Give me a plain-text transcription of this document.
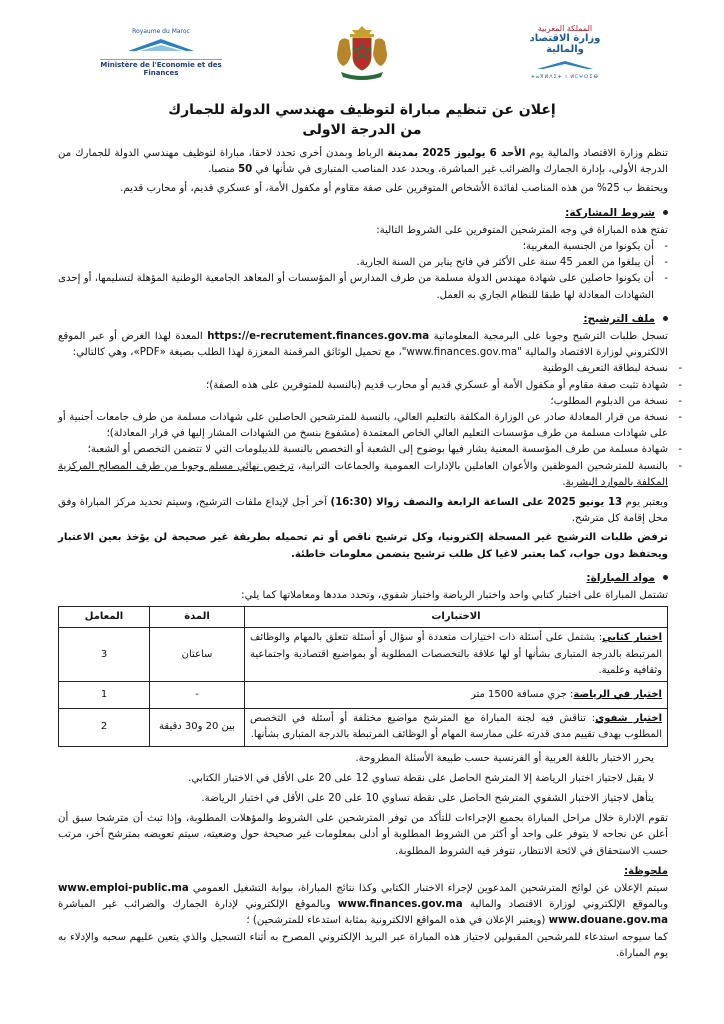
Royaume du Maroc
Ministère de l'Economie et des Finances
المملكة المغربية
وزارة الاقتصاد والمالية
ⵜⴰⴳⵍⴷⵉⵜ ⵏ ⵍⵎⵖⵔⵉⴱ
إعلان عن تنظيم مباراة لتوظيف مهندسي الدولة للجمارك
من الدرجة الاولى

تنظم وزارة الاقتصاد والمالية يوم الأحد 6 يوليوز 2025 بمدينة الرباط وبمدن أخرى تحدد لاحقا، مباراة لتوظيف مهندسي الدولة للجمارك من الدرجة الأولى، بإدارة الجمارك والضرائب غير المباشرة، ويحدد عدد المناصب المتبارى في شأنها في 50 منصبا.

ويحتفظ ب 25% من هذه المناصب لفائدة الأشخاص المتوفرين على صفة مقاوم أو مكفول الأمة، أو عسكري قديم، أو محارب قديم.

شروط المشاركة:

تفتح هذه المباراة في وجه المترشحين المتوفرين على الشروط التالية:

- أن يكونوا من الجنسية المغربية؛
- أن يبلغوا من العمر 45 سنة على الأكثر في فاتح يناير من السنة الجارية.
- أن يكونوا حاصلين على شهادة مهندس الدولة مسلمة من طرف المدارس أو المؤسسات أو المعاهد الجامعية الوطنية المؤهلة لتسليمها، أو إحدى الشهادات المعادلة لها طبقا للنظام الجاري به العمل.
ملف الترشيح:

تسجل طلبات الترشيح وجوبا على البرمجية المعلوماتية https://e-recrutement.finances.gov.ma المعدة لهذا الغرض أو عبر الموقع الالكتروني لوزارة الاقتصاد والمالية "www.finances.gov.ma"، مع تحميل الوثائق المرقمنة المعززة لهذا الطلب بصيغة «PDF»، وهي كالتالي:

- نسخة لبطاقة التعريف الوطنية
- شهادة تثبت صفة مقاوم أو مكفول الأمة أو عسكري قديم أو محارب قديم (بالنسبة للمتوفرين على هذه الصفة)؛
- نسخة من الدبلوم المطلوب؛
- نسخة من قرار المعادلة صادر عن الوزارة المكلفة بالتعليم العالي، بالنسبة للمترشحين الحاصلين على شهادات مسلمة من طرف جامعات أجنبية أو على شهادات مسلمة من طرف مؤسسات التعليم العالي الخاص المعتمدة (مشفوع بنسخ من الشهادات المشار إليها في قرار المعادلة)؛
- شهادة مسلمة من طرف المؤسسة المعنية يشار فيها بوضوح إلى الشعبة أو التخصص بالنسبة للديبلومات التي لا تتضمن التخصص أو الشعبة؛
- بالنسبة للمترشحين الموظفين والأعوان العاملين بالإدارات العمومية والجماعات الترابية، ترخيص نهائي مسلم وجوبا من طرف المصالح المركزية المكلفة بالموارد البشرية.

ويعتبر يوم 13 يونيو 2025 على الساعة الرابعة والنصف زوالا (16:30) آخر أجل لإيداع ملفات الترشيح، وسيتم تحديد مركز المباراة وفق محل إقامة كل مترشح.

ترفض طلبات الترشيح غير المسجلة إلكترونيا، وكل ترشيح ناقص أو تم تحميله بطريقة غير صحيحة لن يؤخذ بعين الاعتبار ويحتفظ دون جواب، كما يعتبر لاغيا كل طلب ترشيح يتضمن معلومات خاطئة.

مواد المباراة:

تشتمل المباراة على اختبار كتابي واحد واختبار الرياضة واختبار شفوي، وتحدد مددها ومعاملاتها كما يلي:

الاختبارات	المدة	المعامل
اختبار كتابي: يشتمل على أسئلة ذات اختيارات متعددة أو سؤال أو أسئلة تتعلق بالمهام والوظائف المرتبطة بالدرجة المتبارى بشأنها أو لها علاقة بالتخصصات المطلوبة أو بمواضيع اقتصادية واجتماعية وثقافية وعلمية.	ساعتان	3
اختبار في الرياضة: جري مسافة 1500 متر	-	1
اختبار شفوي: تناقش فيه لجنة المباراة مع المترشح مواضيع مختلفة أو أسئلة في التخصص المطلوب بهدف تقييم مدى قدرته على ممارسة المهام أو الوظائف المرتبطة بالدرجة المتبارى بشأنها.	بين 20 و30 دقيقة	2

يحرر الاختبار باللغة العربية أو الفرنسية حسب طبيعة الأسئلة المطروحة.

لا يقبل لاجتياز اختبار الرياضة إلا المترشح الحاصل على نقطة تساوي 12 على 20 على الأقل في الاختبار الكتابي.

يتأهل لاجتياز الاختبار الشفوي المترشح الحاصل على نقطة تساوي 10 على 20 على الأقل في اختبار الرياضة.

تقوم الإدارة خلال مراحل المباراة بجميع الإجراءات للتأكد من توفر المترشحين على الشروط والمؤهلات المطلوبة، وإذا تبث أن مترشحا سبق أن أعلن عن نجاحه لا يتوفر على واحد أو أكثر من الشروط المطلوبة أو أدلى بمعلومات غير صحيحة حول وضعيته، سيتم تعويضه بمترشح آخر، مرتب حسب الاستحقاق في لائحة الانتظار، تتوفر فيه الشروط المطلوبة.

ملحوظة:

سيتم الإعلان عن لوائح المترشحين المدعوين لإجراء الاختبار الكتابي وكذا نتائج المباراة، ببوابة التشغيل العمومي www.emploi-public.ma وبالموقع الإلكتروني لوزارة الاقتصاد والمالية www.finances.gov.ma وبالموقع الإلكتروني لإدارة الجمارك والضرائب غير المباشرة www.douane.gov.ma (ويعتبر الإعلان في هذه المواقع الالكترونية بمثابة استدعاء للمترشحين) ؛

كما سيوجه استدعاء للمرشحين المقبولين لاجتياز هذه المباراة عبر البريد الإلكتروني المصرح به أثناء التسجيل والذي يتعين عليهم سحبه والإدلاء به يوم المباراة.
